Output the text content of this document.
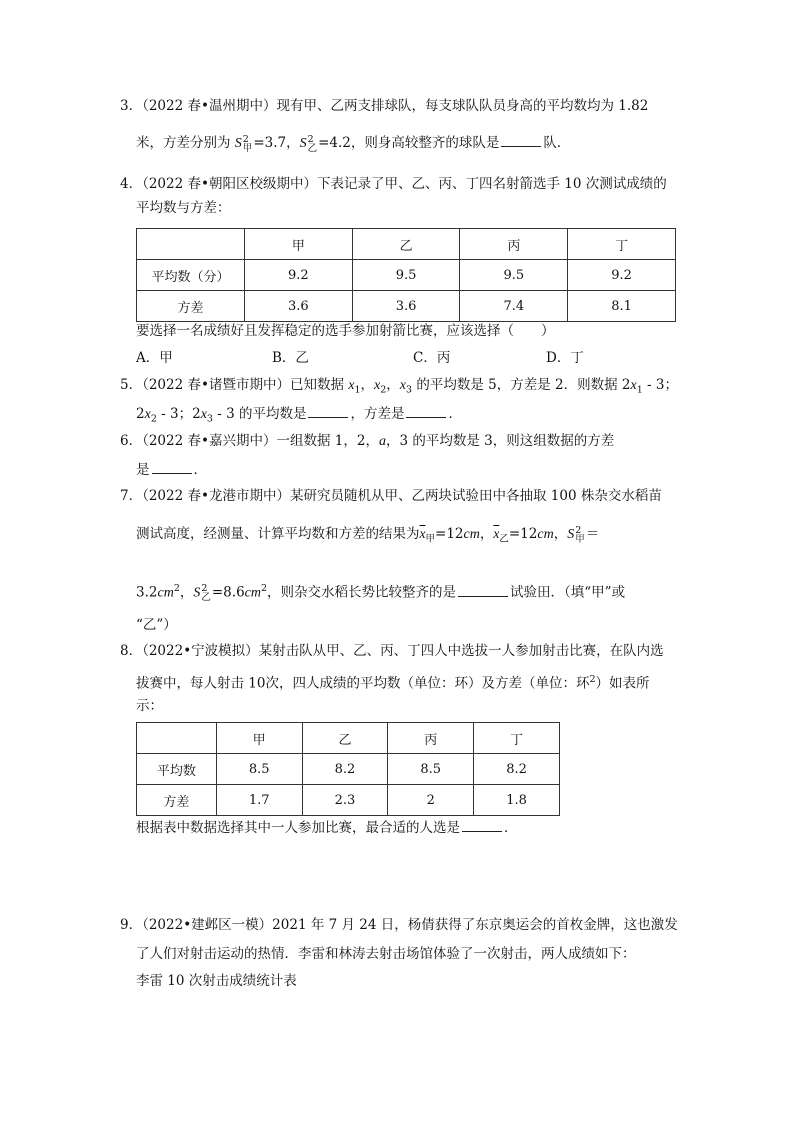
3．（2022 春•温州期中）现有甲、乙两支排球队，每支球队队员身高的平均数均为 1.82
米，方差分别为 S 2
甲 =3.7，S 2
乙 =4.2，则身高较整齐的球队是	队．
4．（2022 春•朝阳区校级期中）下表记录了甲、乙、丙、丁四名射箭选手 10 次测试成绩的
平均数与方差：
	甲	乙	丙	丁
平均数（分）	9.2	9.5	9.5	9.2
方差	3.6	3.6	7.4	8.1
要选择一名成绩好且发挥稳定的选手参加射箭比赛，应该选择（　　）
A．甲	B．乙	C．丙	D．丁
5．（2022 春•诸暨市期中）已知数据 $x_1$，$x_2$，$x_3$ 的平均数是 5，方差是 2．则数据 $2x_1 - 3$；
$2x_2 - 3$；$2x_3 - 3$ 的平均数是	，方差是	．
6．（2022 春•嘉兴期中）一组数据 1，2，a，3 的平均数是 3，则这组数据的方差
是	．
7．（2022 春•龙港市期中）某研究员随机从甲、乙两块试验田中各抽取 100 株杂交水稻苗
测试高度，经测量、计算平均数和方差的结果为$\overline{x}_甲=12cm$，$\overline{x}_乙=12cm$，S 2
甲 ＝
$3.2cm^2$，S 2
乙 $=8.6cm^2$，则杂交水稻长势比较整齐的是	试验田．（填“甲”或
“乙”）
8．（2022•宁波模拟）某射击队从甲、乙、丙、丁四人中选拔一人参加射击比赛，在队内选
拔赛中，每人射击 10次，四人成绩的平均数（单位：环）及方差（单位：环$^2$）如表所
示：
	甲	乙	丙	丁
平均数	8.5	8.2	8.5	8.2
方差	1.7	2.3	2	1.8
根据表中数据选择其中一人参加比赛，最合适的人选是	．
9．（2022•建邺区一模）2021 年 7 月 24 日，杨倩获得了东京奥运会的首枚金牌，这也激发
了人们对射击运动的热情．李雷和林涛去射击场馆体验了一次射击，两人成绩如下：
李雷 10 次射击成绩统计表
